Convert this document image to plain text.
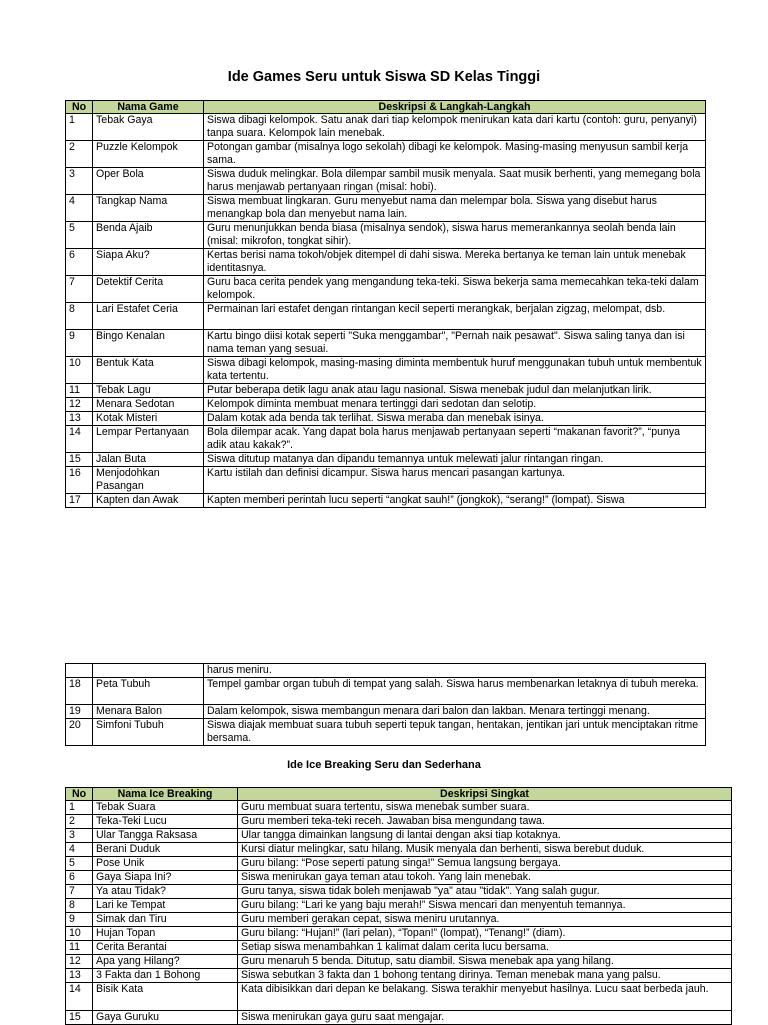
Ide Games Seru untuk Siswa SD Kelas Tinggi
No	Nama Game	Deskripsi & Langkah-Langkah
1	Tebak Gaya	Siswa dibagi kelompok. Satu anak dari tiap kelompok menirukan kata dari kartu (contoh: guru, penyanyi) tanpa suara. Kelompok lain menebak.
2	Puzzle Kelompok	Potongan gambar (misalnya logo sekolah) dibagi ke kelompok. Masing-masing menyusun sambil kerja sama.
3	Oper Bola	Siswa duduk melingkar. Bola dilempar sambil musik menyala. Saat musik berhenti, yang memegang bola harus menjawab pertanyaan ringan (misal: hobi).
4	Tangkap Nama	Siswa membuat lingkaran. Guru menyebut nama dan melempar bola. Siswa yang disebut harus menangkap bola dan menyebut nama lain.
5	Benda Ajaib	Guru menunjukkan benda biasa (misalnya sendok), siswa harus memerankannya seolah benda lain (misal: mikrofon, tongkat sihir).
6	Siapa Aku?	Kertas berisi nama tokoh/objek ditempel di dahi siswa. Mereka bertanya ke teman lain untuk menebak identitasnya.
7	Detektif Cerita	Guru baca cerita pendek yang mengandung teka-teki. Siswa bekerja sama memecahkan teka-teki dalam kelompok.
8	Lari Estafet Ceria	Permainan lari estafet dengan rintangan kecil seperti merangkak, berjalan zigzag, melompat, dsb.
9	Bingo Kenalan	Kartu bingo diisi kotak seperti "Suka menggambar", "Pernah naik pesawat". Siswa saling tanya dan isi nama teman yang sesuai.
10	Bentuk Kata	Siswa dibagi kelompok, masing-masing diminta membentuk huruf menggunakan tubuh untuk membentuk kata tertentu.
11	Tebak Lagu	Putar beberapa detik lagu anak atau lagu nasional. Siswa menebak judul dan melanjutkan lirik.
12	Menara Sedotan	Kelompok diminta membuat menara tertinggi dari sedotan dan selotip.
13	Kotak Misteri	Dalam kotak ada benda tak terlihat. Siswa meraba dan menebak isinya.
14	Lempar Pertanyaan	Bola dilempar acak. Yang dapat bola harus menjawab pertanyaan seperti “makanan favorit?”, “punya adik atau kakak?”.
15	Jalan Buta	Siswa ditutup matanya dan dipandu temannya untuk melewati jalur rintangan ringan.
16	Menjodohkan Pasangan	Kartu istilah dan definisi dicampur. Siswa harus mencari pasangan kartunya.
17	Kapten dan Awak	Kapten memberi perintah lucu seperti “angkat sauh!” (jongkok), “serang!” (lompat). Siswa
		harus meniru.
18	Peta Tubuh	Tempel gambar organ tubuh di tempat yang salah. Siswa harus membenarkan letaknya di tubuh mereka.
19	Menara Balon	Dalam kelompok, siswa membangun menara dari balon dan lakban. Menara tertinggi menang.
20	Simfoni Tubuh	Siswa diajak membuat suara tubuh seperti tepuk tangan, hentakan, jentikan jari untuk menciptakan ritme bersama.
Ide Ice Breaking Seru dan Sederhana
No	Nama Ice Breaking	Deskripsi Singkat
1	Tebak Suara	Guru membuat suara tertentu, siswa menebak sumber suara.
2	Teka-Teki Lucu	Guru memberi teka-teki receh. Jawaban bisa mengundang tawa.
3	Ular Tangga Raksasa	Ular tangga dimainkan langsung di lantai dengan aksi tiap kotaknya.
4	Berani Duduk	Kursi diatur melingkar, satu hilang. Musik menyala dan berhenti, siswa berebut duduk.
5	Pose Unik	Guru bilang: “Pose seperti patung singa!” Semua langsung bergaya.
6	Gaya Siapa Ini?	Siswa menirukan gaya teman atau tokoh. Yang lain menebak.
7	Ya atau Tidak?	Guru tanya, siswa tidak boleh menjawab "ya" atau "tidak". Yang salah gugur.
8	Lari ke Tempat	Guru bilang: “Lari ke yang baju merah!” Siswa mencari dan menyentuh temannya.
9	Simak dan Tiru	Guru memberi gerakan cepat, siswa meniru urutannya.
10	Hujan Topan	Guru bilang: “Hujan!” (lari pelan), “Topan!” (lompat), “Tenang!” (diam).
11	Cerita Berantai	Setiap siswa menambahkan 1 kalimat dalam cerita lucu bersama.
12	Apa yang Hilang?	Guru menaruh 5 benda. Ditutup, satu diambil. Siswa menebak apa yang hilang.
13	3 Fakta dan 1 Bohong	Siswa sebutkan 3 fakta dan 1 bohong tentang dirinya. Teman menebak mana yang palsu.
14	Bisik Kata	Kata dibisikkan dari depan ke belakang. Siswa terakhir menyebut hasilnya. Lucu saat berbeda jauh.
15	Gaya Guruku	Siswa menirukan gaya guru saat mengajar.
